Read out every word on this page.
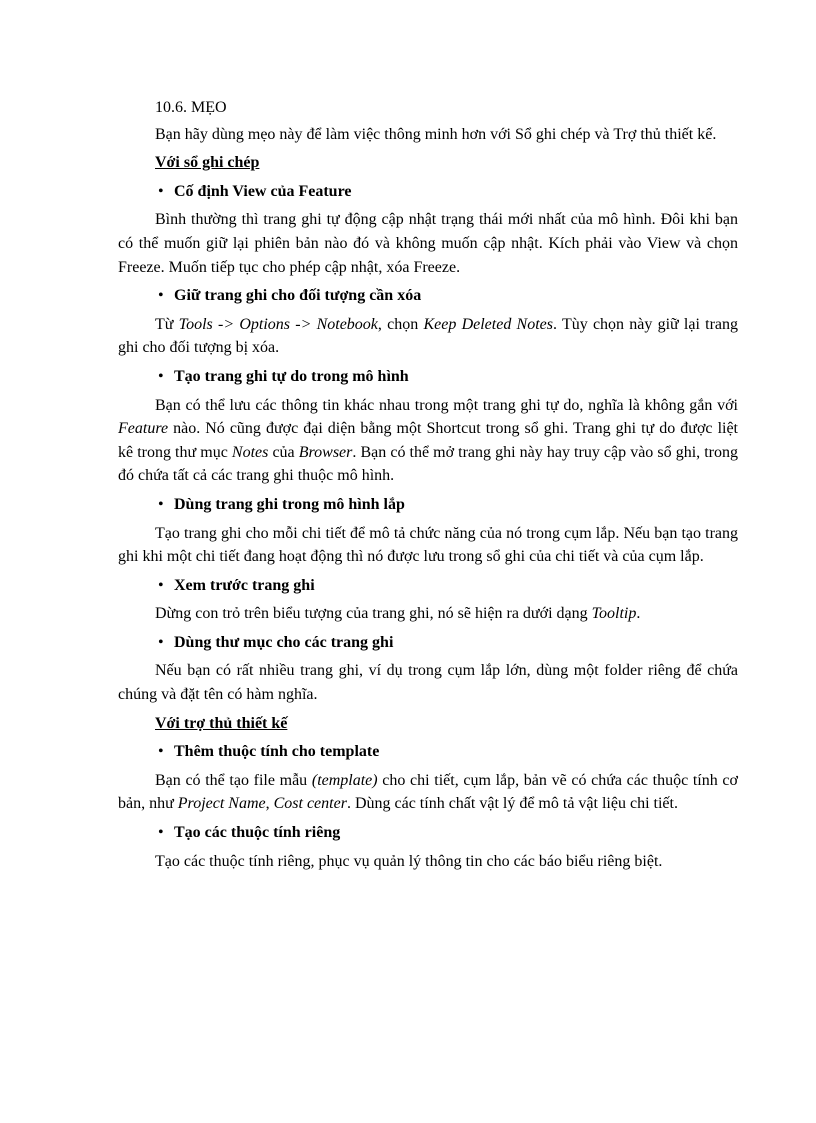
10.6. MẸO

Bạn hãy dùng mẹo này để làm việc thông minh hơn với Sổ ghi chép và Trợ thủ thiết kế.

Với sổ ghi chép
• Cố định View của Feature

Bình thường thì trang ghi tự động cập nhật trạng thái mới nhất của mô hình. Đôi khi bạn có thể muốn giữ lại phiên bản nào đó và không muốn cập nhật. Kích phải vào View và chọn Freeze. Muốn tiếp tục cho phép cập nhật, xóa Freeze.

• Giữ trang ghi cho đối tượng cần xóa

Từ Tools -> Options -> Notebook, chọn Keep Deleted Notes. Tùy chọn này giữ lại trang ghi cho đối tượng bị xóa.

• Tạo trang ghi tự do trong mô hình

Bạn có thể lưu các thông tin khác nhau trong một trang ghi tự do, nghĩa là không gắn với Feature nào. Nó cũng được đại diện bằng một Shortcut trong sổ ghi. Trang ghi tự do được liệt kê trong thư mục Notes của Browser. Bạn có thể mở trang ghi này hay truy cập vào sổ ghi, trong đó chứa tất cả các trang ghi thuộc mô hình.

• Dùng trang ghi trong mô hình lắp

Tạo trang ghi cho mỗi chi tiết để mô tả chức năng của nó trong cụm lắp. Nếu bạn tạo trang ghi khi một chi tiết đang hoạt động thì nó được lưu trong sổ ghi của chi tiết và của cụm lắp.

• Xem trước trang ghi

Dừng con trỏ trên biểu tượng của trang ghi, nó sẽ hiện ra dưới dạng Tooltip.

• Dùng thư mục cho các trang ghi

Nếu bạn có rất nhiều trang ghi, ví dụ trong cụm lắp lớn, dùng một folder riêng để chứa chúng và đặt tên có hàm nghĩa.

Với trợ thủ thiết kế
• Thêm thuộc tính cho template

Bạn có thể tạo file mẫu (template) cho chi tiết, cụm lắp, bản vẽ có chứa các thuộc tính cơ bản, như Project Name, Cost center. Dùng các tính chất vật lý để mô tả vật liệu chi tiết.

• Tạo các thuộc tính riêng

Tạo các thuộc tính riêng, phục vụ quản lý thông tin cho các báo biểu riêng biệt.
